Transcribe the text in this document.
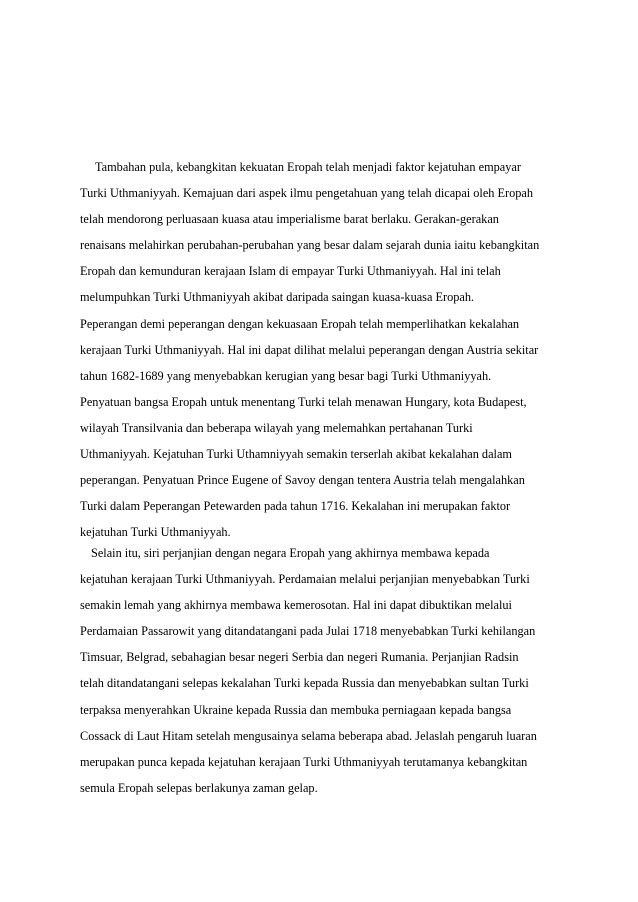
Tambahan pula, kebangkitan kekuatan Eropah telah menjadi faktor kejatuhan empayar
Turki Uthmaniyyah. Kemajuan dari aspek ilmu pengetahuan yang telah dicapai oleh Eropah
telah mendorong perluasaan kuasa atau imperialisme barat berlaku. Gerakan-gerakan
renaisans melahirkan perubahan-perubahan yang besar dalam sejarah dunia iaitu kebangkitan
Eropah dan kemunduran kerajaan Islam di empayar Turki Uthmaniyyah. Hal ini telah
melumpuhkan Turki Uthmaniyyah akibat daripada saingan kuasa-kuasa Eropah.
Peperangan demi peperangan dengan kekuasaan Eropah telah memperlihatkan kekalahan
kerajaan Turki Uthmaniyyah. Hal ini dapat dilihat melalui peperangan dengan Austria sekitar
tahun 1682-1689 yang menyebabkan kerugian yang besar bagi Turki Uthmaniyyah.
Penyatuan bangsa Eropah untuk menentang Turki telah menawan Hungary, kota Budapest,
wilayah Transilvania dan beberapa wilayah yang melemahkan pertahanan Turki
Uthmaniyyah. Kejatuhan Turki Uthamniyyah semakin terserlah akibat kekalahan dalam
peperangan. Penyatuan Prince Eugene of Savoy dengan tentera Austria telah mengalahkan
Turki dalam Peperangan Petewarden pada tahun 1716. Kekalahan ini merupakan faktor
kejatuhan Turki Uthmaniyyah.
Selain itu, siri perjanjian dengan negara Eropah yang akhirnya membawa kepada
kejatuhan kerajaan Turki Uthmaniyyah. Perdamaian melalui perjanjian menyebabkan Turki
semakin lemah yang akhirnya membawa kemerosotan. Hal ini dapat dibuktikan melalui
Perdamaian Passarowit yang ditandatangani pada Julai 1718 menyebabkan Turki kehilangan
Timsuar, Belgrad, sebahagian besar negeri Serbia dan negeri Rumania. Perjanjian Radsin
telah ditandatangani selepas kekalahan Turki kepada Russia dan menyebabkan sultan Turki
terpaksa menyerahkan Ukraine kepada Russia dan membuka perniagaan kepada bangsa
Cossack di Laut Hitam setelah mengusainya selama beberapa abad. Jelaslah pengaruh luaran
merupakan punca kepada kejatuhan kerajaan Turki Uthmaniyyah terutamanya kebangkitan
semula Eropah selepas berlakunya zaman gelap.
